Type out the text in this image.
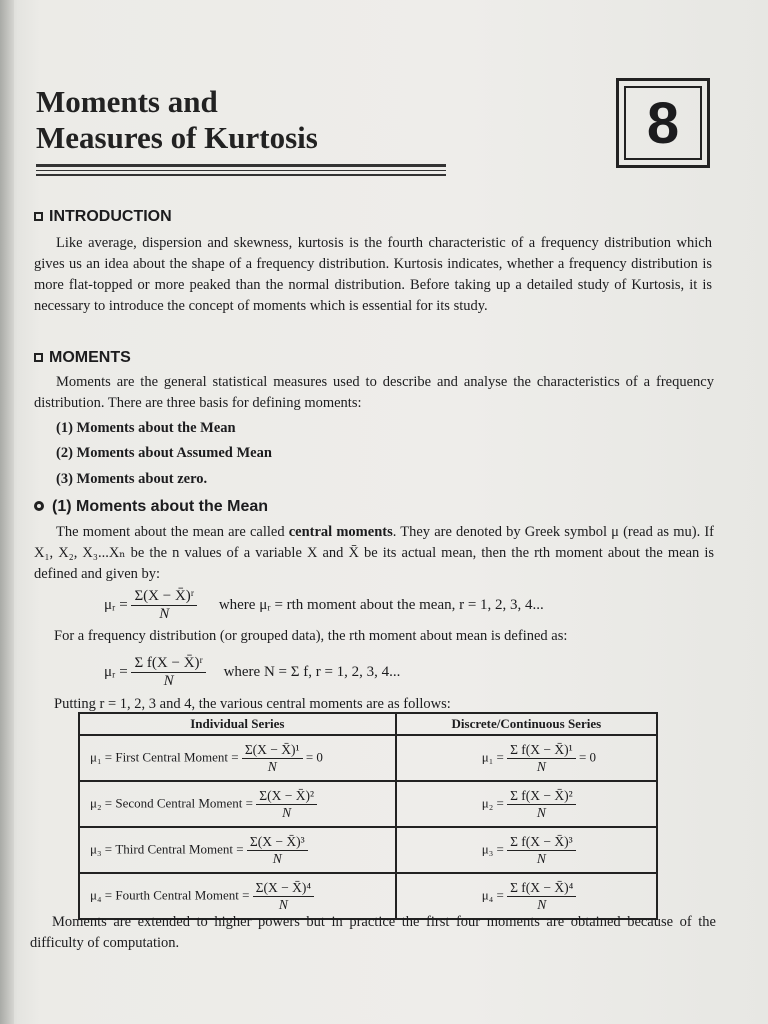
Moments and
Measures of Kurtosis	8
INTRODUCTION
Like average, dispersion and skewness, kurtosis is the fourth characteristic of a frequency distribution which gives us an idea about the shape of a frequency distribution. Kurtosis indicates, whether a frequency distribution is more flat-topped or more peaked than the normal distribution. Before taking up a detailed study of Kurtosis, it is necessary to introduce the concept of moments which is essential for its study.
MOMENTS
Moments are the general statistical measures used to describe and analyse the characteristics of a frequency distribution. There are three basis for defining moments:
(1) Moments about the Mean
(2) Moments about Assumed Mean
(3) Moments about zero.
(1) Moments about the Mean
The moment about the mean are called central moments. They are denoted by Greek symbol μ (read as mu). If X₁, X₂, X₃...Xₙ be the n values of a variable X and X̄ be its actual mean, then the rth moment about the mean is defined and given by:
μᵣ = $\frac{\text{Σ(X − X̄)ʳ}}{N}$ where μᵣ = rth moment about the mean, r = 1, 2, 3, 4...
For a frequency distribution (or grouped data), the rth moment about mean is defined as:
μᵣ = $\frac{\text{Σ f(X − X̄)ʳ}}{N}$ where N = Σ f, r = 1, 2, 3, 4...
Putting r = 1, 2, 3 and 4, the various central moments are as follows:
Individual Series	Discrete/Continuous Series
μ₁ = First Central Moment = $\frac{\text{Σ(X − X̄)¹}}{N} = 0$	$\mu_1 = \frac{\text{Σ f(X − X̄)¹}}{N} = 0$
μ₂ = Second Central Moment = $\frac{\text{Σ(X − X̄)²}}{N}$	$\mu_2 = \frac{\text{Σ f(X − X̄)²}}{N}$

μ₃ = Third Central Moment = $\frac{\text{Σ(X − X̄)³}}{N}$	$\mu_3 = \frac{\text{Σ f(X − X̄)³}}{N}$

μ₄ = Fourth Central Moment = $\frac{\text{Σ(X − X̄)⁴}}{N}$	$\mu_4 = \frac{\text{Σ f(X − X̄)⁴}}{N}$
Moments are extended to higher powers but in practice the first four moments are obtained because of the difficulty of computation.
